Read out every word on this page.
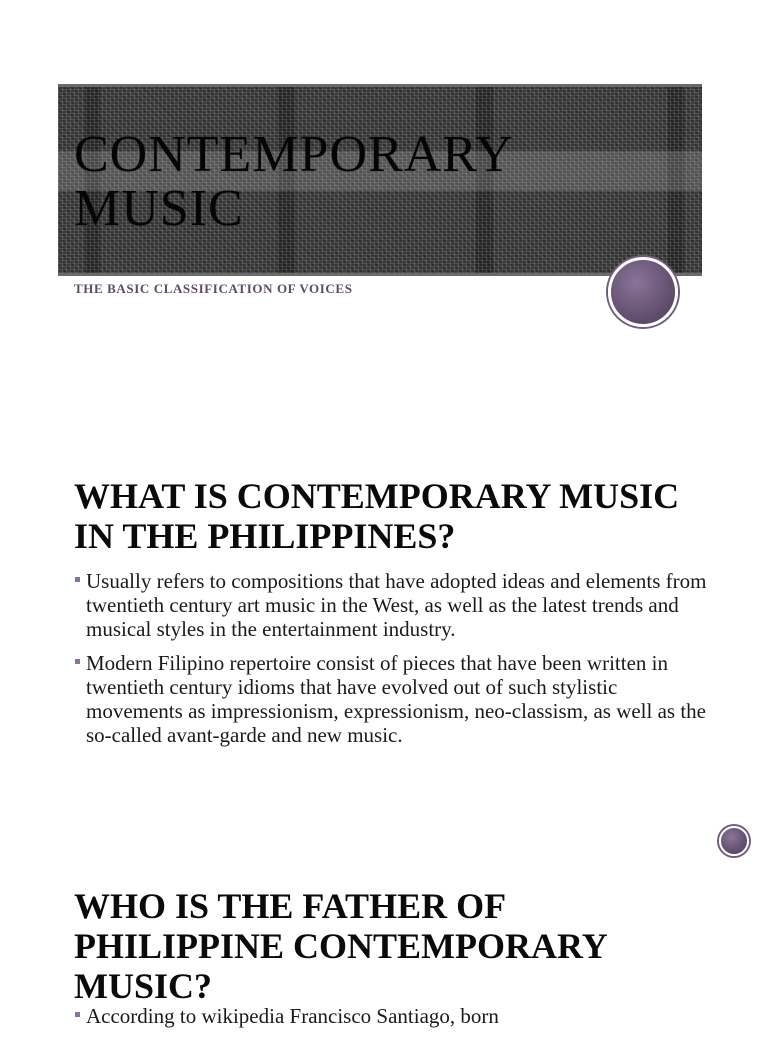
CONTEMPORARY MUSIC
THE BASIC CLASSIFICATION OF VOICES
WHAT IS CONTEMPORARY MUSIC IN THE PHILIPPINES?
Usually refers to compositions that have adopted ideas and elements from twentieth century art music in the West, as well as the latest trends and musical styles in the entertainment industry.
Modern Filipino repertoire consist of pieces that have been written in twentieth century idioms that have evolved out of such stylistic movements as impressionism, expressionism, neo-classism, as well as the so-called avant-garde and new music.
WHO IS THE FATHER OF PHILIPPINE CONTEMPORARY MUSIC?
According to wikipedia Francisco Santiago, born
